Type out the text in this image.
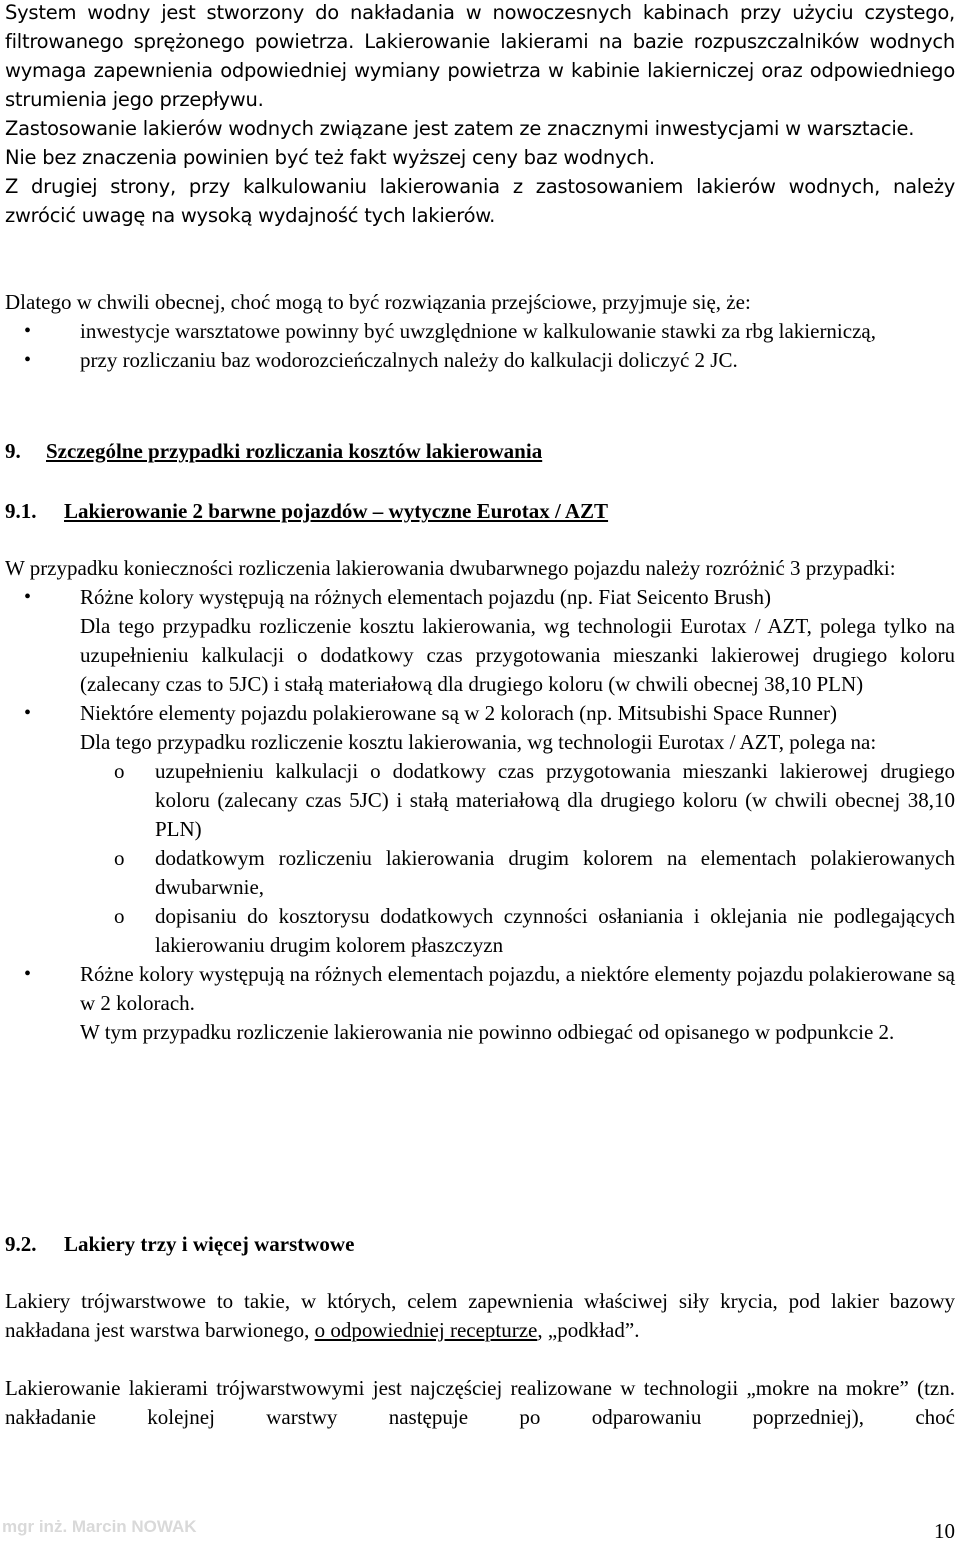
System wodny jest stworzony do nakładania w nowoczesnych kabinach przy użyciu czystego, filtrowanego sprężonego powietrza. Lakierowanie lakierami na bazie rozpuszczalników wodnych wymaga zapewnienia odpowiedniej wymiany powietrza w kabinie lakierniczej oraz odpowiedniego strumienia jego przepływu.

Zastosowanie lakierów wodnych związane jest zatem ze znacznymi inwestycjami w warsztacie.

Nie bez znaczenia powinien być też fakt wyższej ceny baz wodnych.

Z drugiej strony, przy kalkulowaniu lakierowania z zastosowaniem lakierów wodnych, należy zwrócić uwagę na wysoką wydajność tych lakierów.

Dlatego w chwili obecnej, choć mogą to być rozwiązania przejściowe, przyjmuje się, że:

• inwestycje warsztatowe powinny być uwzględnione w kalkulowanie stawki za rbg lakierniczą,
• przy rozliczaniu baz wodorozcieńczalnych należy do kalkulacji doliczyć 2 JC.
9.	Szczególne przypadki rozliczania kosztów lakierowania
9.1.	Lakierowanie 2 barwne pojazdów – wytyczne Eurotax / AZT

W przypadku konieczności rozliczenia lakierowania dwubarwnego pojazdu należy rozróżnić 3 przypadki:

• Różne kolory występują na różnych elementach pojazdu (np. Fiat Seicento Brush)
Dla tego przypadku rozliczenie kosztu lakierowania, wg technologii Eurotax / AZT, polega tylko na uzupełnieniu kalkulacji o dodatkowy czas przygotowania mieszanki lakierowej drugiego koloru (zalecany czas to 5JC) i stałą materiałową dla drugiego koloru (w chwili obecnej 38,10 PLN)
• Niektóre elementy pojazdu polakierowane są w 2 kolorach (np. Mitsubishi Space Runner)
Dla tego przypadku rozliczenie kosztu lakierowania, wg technologii Eurotax / AZT, polega na:
o uzupełnieniu kalkulacji o dodatkowy czas przygotowania mieszanki lakierowej drugiego koloru (zalecany czas 5JC) i stałą materiałową dla drugiego koloru (w chwili obecnej 38,10 PLN)
o dodatkowym rozliczeniu lakierowania drugim kolorem na elementach polakierowanych dwubarwnie,
o dopisaniu do kosztorysu dodatkowych czynności osłaniania i oklejania nie podlegających lakierowaniu drugim kolorem płaszczyzn
• Różne kolory występują na różnych elementach pojazdu, a niektóre elementy pojazdu polakierowane są w 2 kolorach.
W tym przypadku rozliczenie lakierowania nie powinno odbiegać od opisanego w podpunkcie 2.
9.2.	Lakiery trzy i więcej warstwowe

Lakiery trójwarstwowe to takie, w których, celem zapewnienia właściwej siły krycia, pod lakier bazowy nakładana jest warstwa barwionego, o odpowiedniej recepturze, „podkład”.

Lakierowanie lakierami trójwarstwowymi jest najczęściej realizowane w technologii „mokre na mokre” (tzn. nakładanie kolejnej warstwy następuje po odparowaniu poprzedniej), choć

mgr inż. Marcin NOWAK	10
